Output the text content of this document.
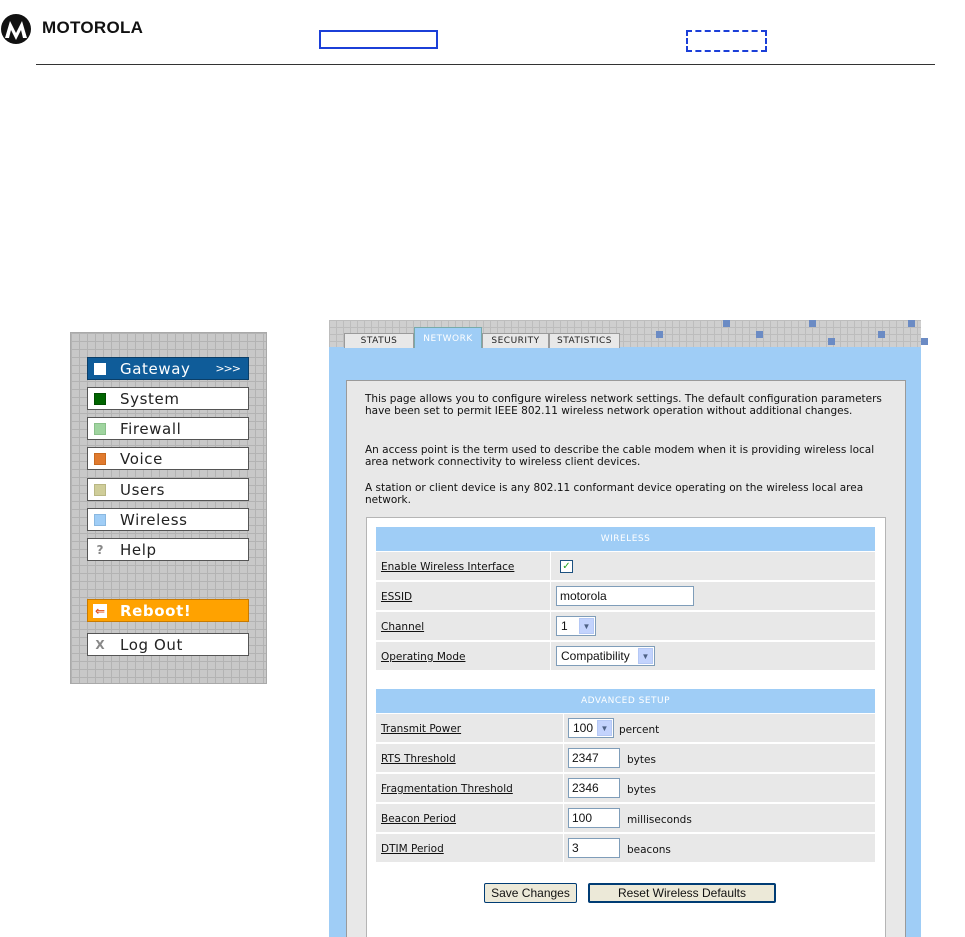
MOTOROLA
Gateway >>>
System
Firewall
Voice
Users
Wireless
? Help
⇐ Reboot!
X Log Out
STATUS	NETWORK	SECURITY	STATISTICS
This page allows you to configure wireless network settings. The default configuration parameters have been set to permit IEEE 802.11 wireless network operation without additional changes.
An access point is the term used to describe the cable modem when it is providing wireless local area network connectivity to wireless client devices.
A station or client device is any 802.11 conformant device operating on the wireless local area network.
WIRELESS
Enable Wireless Interface	✓
ESSID	motorola
Channel	1	▼
Operating Mode	Compatibility	▼
ADVANCED SETUP
Transmit Power	100 ▼	percent
RTS Threshold	2347	bytes
Fragmentation Threshold	2346	bytes
Beacon Period	100	milliseconds
DTIM Period	3	beacons
Save Changes	Reset Wireless Defaults
